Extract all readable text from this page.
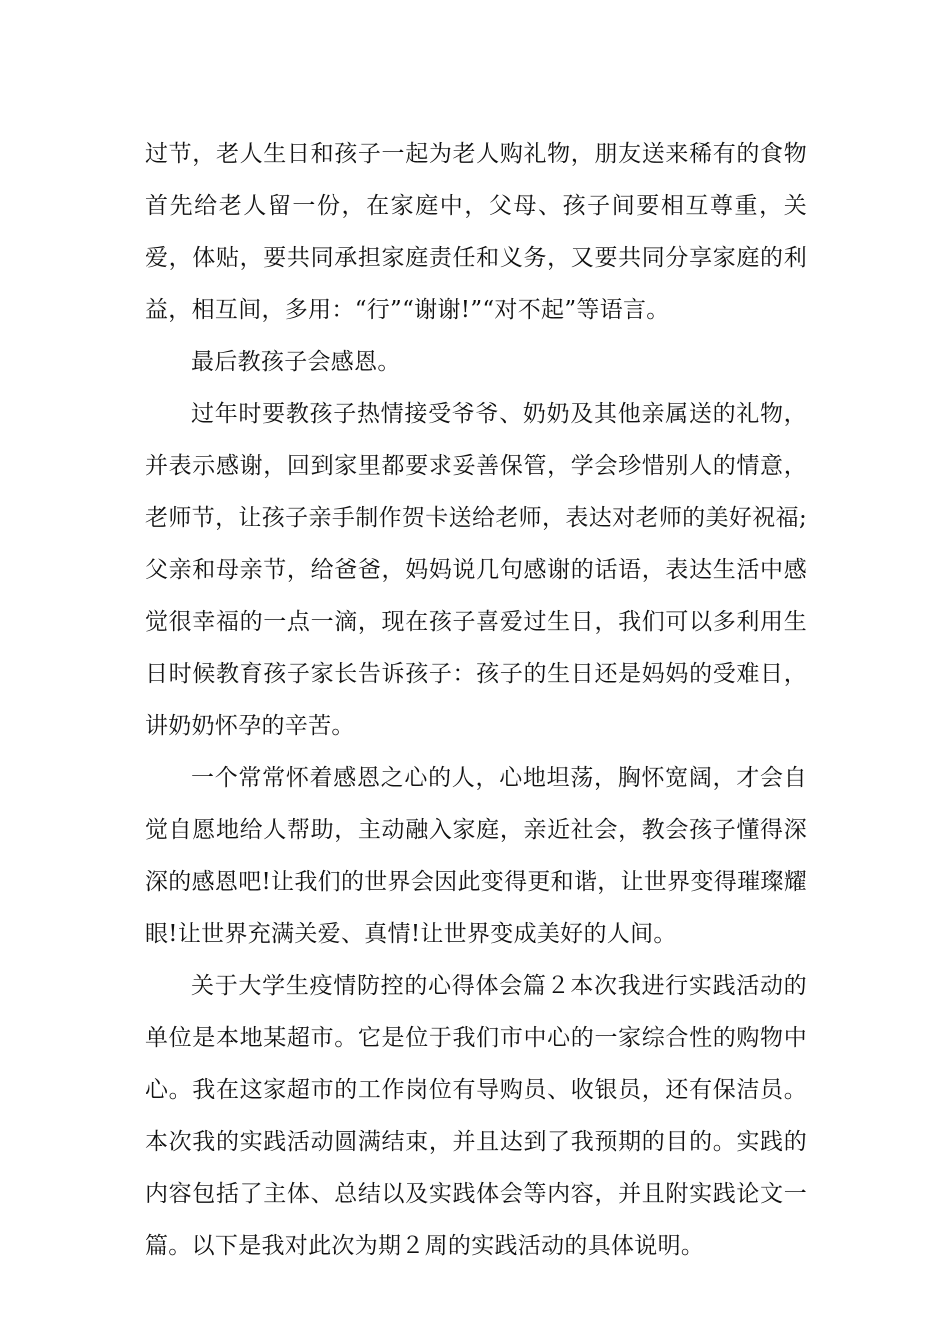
过节，老人生日和孩子一起为老人购礼物，朋友送来稀有的食物首先给老人留一份，在家庭中，父母、孩子间要相互尊重，关爱，体贴，要共同承担家庭责任和义务，又要共同分享家庭的利益，相互间，多用：“行”“谢谢!”“对不起”等语言。

最后教孩子会感恩。

过年时要教孩子热情接受爷爷、奶奶及其他亲属送的礼物，并表示感谢，回到家里都要求妥善保管，学会珍惜别人的情意，老师节，让孩子亲手制作贺卡送给老师，表达对老师的美好祝福;父亲和母亲节，给爸爸，妈妈说几句感谢的话语，表达生活中感觉很幸福的一点一滴，现在孩子喜爱过生日，我们可以多利用生日时候教育孩子家长告诉孩子：孩子的生日还是妈妈的受难日，讲奶奶怀孕的辛苦。

一个常常怀着感恩之心的人，心地坦荡，胸怀宽阔，才会自觉自愿地给人帮助，主动融入家庭，亲近社会，教会孩子懂得深深的感恩吧!让我们的世界会因此变得更和谐，让世界变得璀璨耀眼!让世界充满关爱、真情!让世界变成美好的人间。

关于大学生疫情防控的心得体会篇２本次我进行实践活动的单位是本地某超市。它是位于我们市中心的一家综合性的购物中心。我在这家超市的工作岗位有导购员、收银员，还有保洁员。本次我的实践活动圆满结束，并且达到了我预期的目的。实践的内容包括了主体、总结以及实践体会等内容，并且附实践论文一篇。以下是我对此次为期２周的实践活动的具体说明。
